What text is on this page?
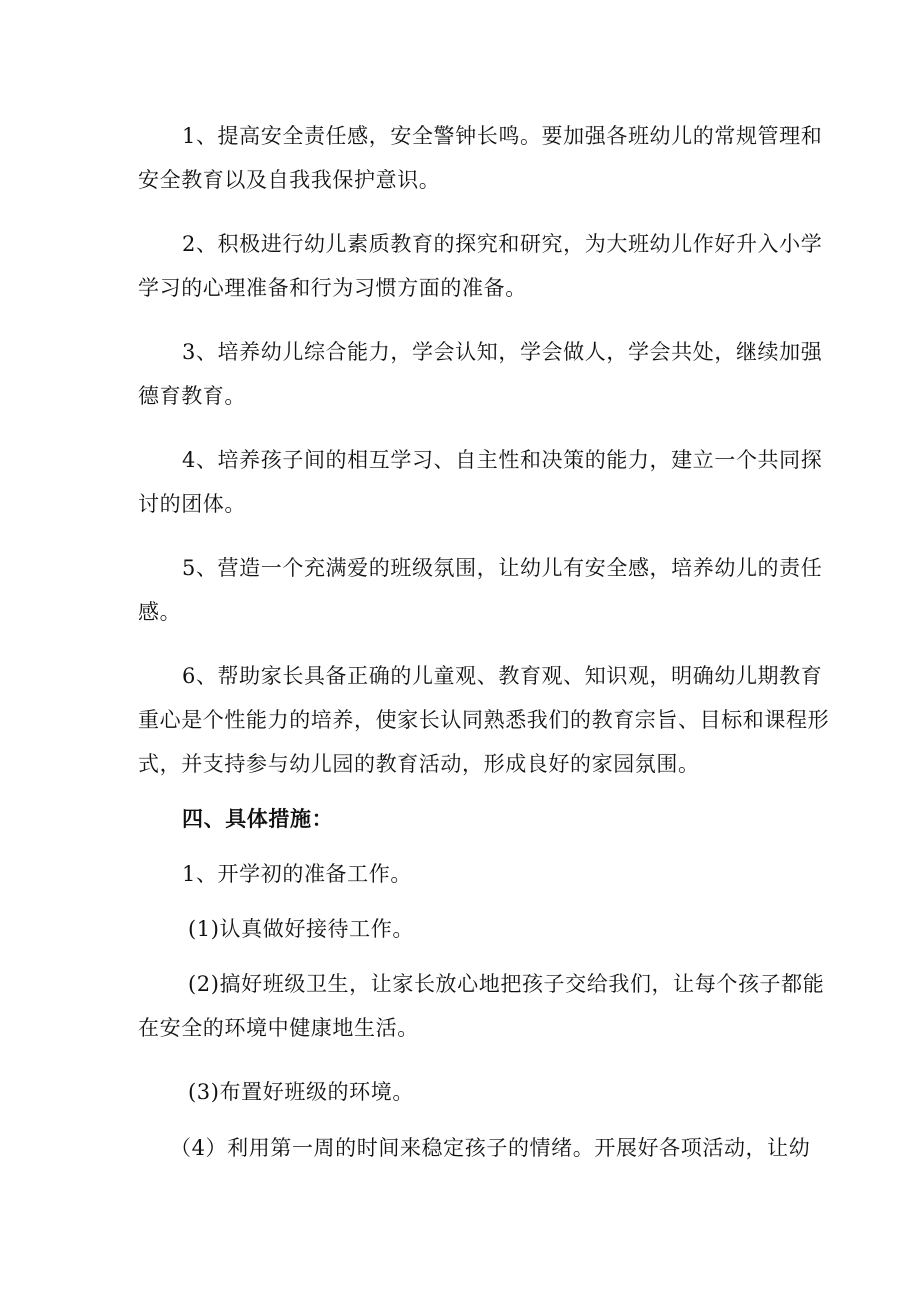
1、提高安全责任感，安全警钟长鸣。要加强各班幼儿的常规管理和
安全教育以及自我我保护意识。
2、积极进行幼儿素质教育的探究和研究，为大班幼儿作好升入小学
学习的心理准备和行为习惯方面的准备。
3、培养幼儿综合能力，学会认知，学会做人，学会共处，继续加强
德育教育。
4、培养孩子间的相互学习、自主性和决策的能力，建立一个共同探
讨的团体。
5、营造一个充满爱的班级氛围，让幼儿有安全感，培养幼儿的责任
感。
6、帮助家长具备正确的儿童观、教育观、知识观，明确幼儿期教育
重心是个性能力的培养，使家长认同熟悉我们的教育宗旨、目标和课程形
式，并支持参与幼儿园的教育活动，形成良好的家园氛围。
四、具体措施：
1、开学初的准备工作。
(1)认真做好接待工作。
(2)搞好班级卫生，让家长放心地把孩子交给我们，让每个孩子都能
在安全的环境中健康地生活。
(3)布置好班级的环境。
（4）利用第一周的时间来稳定孩子的情绪。开展好各项活动，让幼
